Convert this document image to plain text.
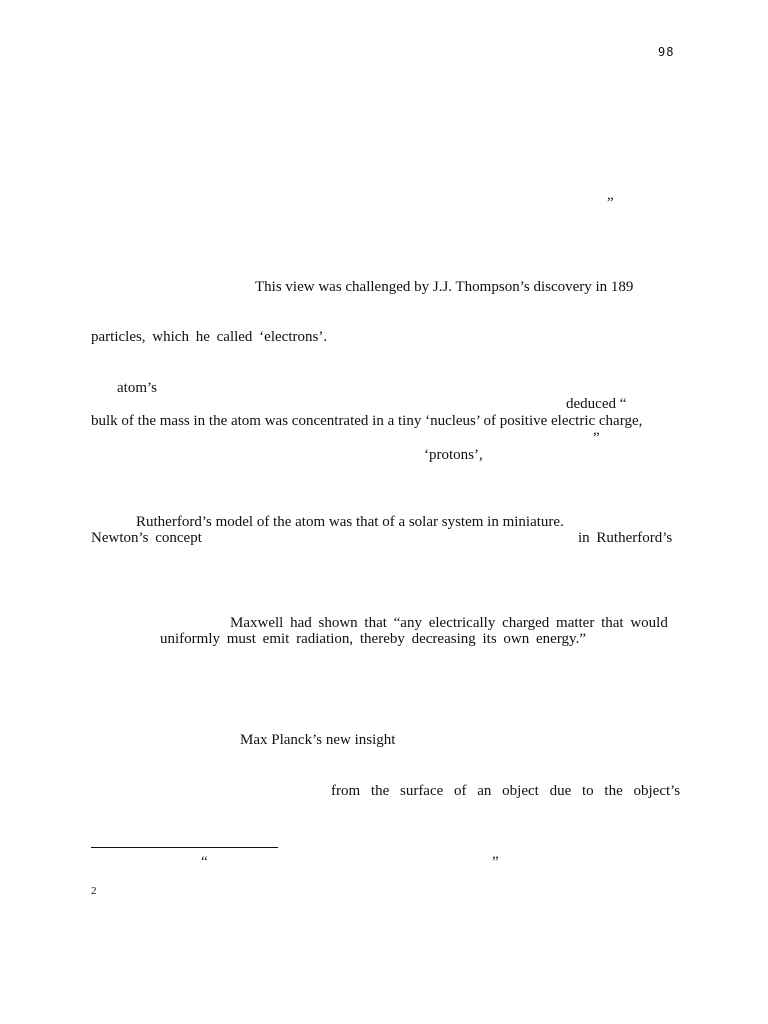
98
”
This view was challenged by J.J. Thompson’s discovery in 189
particles, which he called ‘electrons’.
atom’s
deduced “
bulk of the mass in the atom was concentrated in a tiny ‘nucleus’ of positive electric charge,
”
‘protons’,
Rutherford’s model of the atom was that of a solar system in miniature.
Newton’s concept	in Rutherford’s
Maxwell had shown that “any electrically charged matter that would
uniformly must emit radiation, thereby decreasing its own energy.”
Max Planck’s new insight
from the surface of an object due to the object’s
“	”
2
